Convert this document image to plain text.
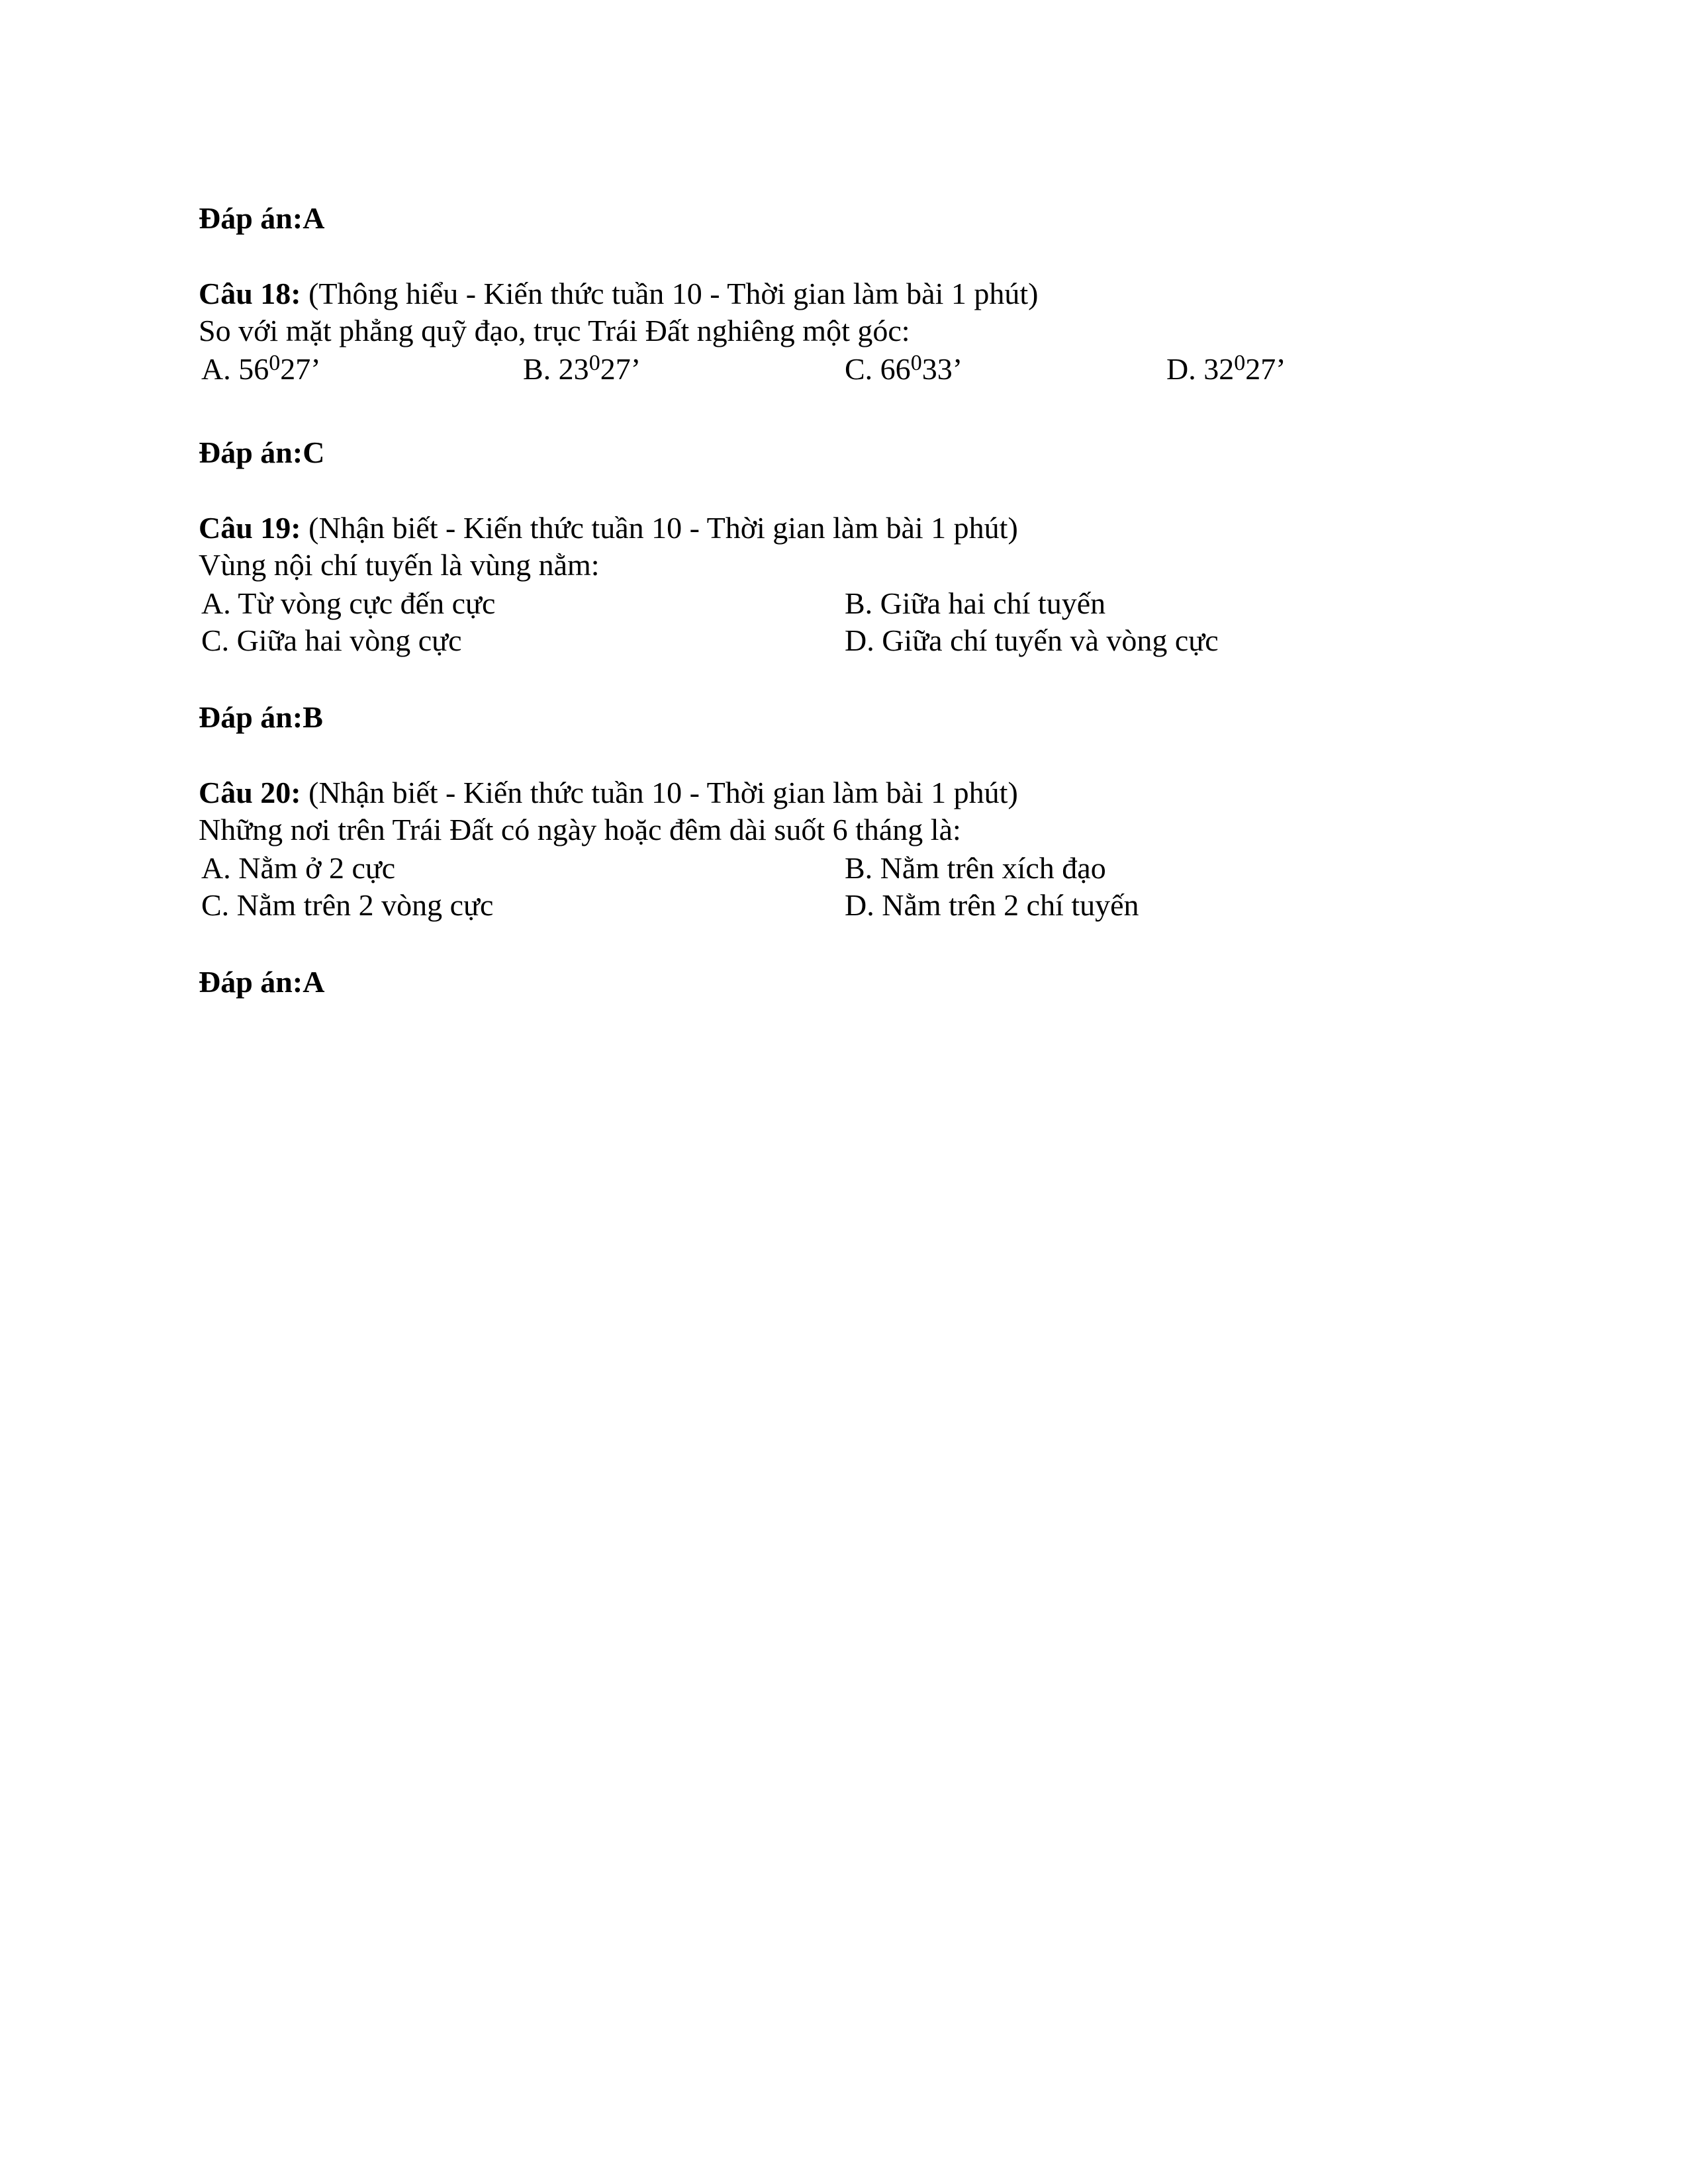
Đáp án:A
Câu 18: (Thông hiểu - Kiến thức tuần 10 - Thời gian làm bài 1 phút)
So với mặt phẳng quỹ đạo, trục Trái Đất nghiêng một góc:
A. $56^027$’	B. $23^027$’	C. $66^033$’	D. $32^027$’
Đáp án:C
Câu 19: (Nhận biết - Kiến thức tuần 10 - Thời gian làm bài 1 phút)
Vùng nội chí tuyến là vùng nằm:
A. Từ vòng cực đến cực	B. Giữa hai chí tuyến
C. Giữa hai vòng cực	D. Giữa chí tuyến và vòng cực
Đáp án:B
Câu 20: (Nhận biết - Kiến thức tuần 10 - Thời gian làm bài 1 phút)
Những nơi trên Trái Đất có ngày hoặc đêm dài suốt 6 tháng là:
A. Nằm ở 2 cực	B. Nằm trên xích đạo
C. Nằm trên 2 vòng cực	D. Nằm trên 2 chí tuyến
Đáp án:A
